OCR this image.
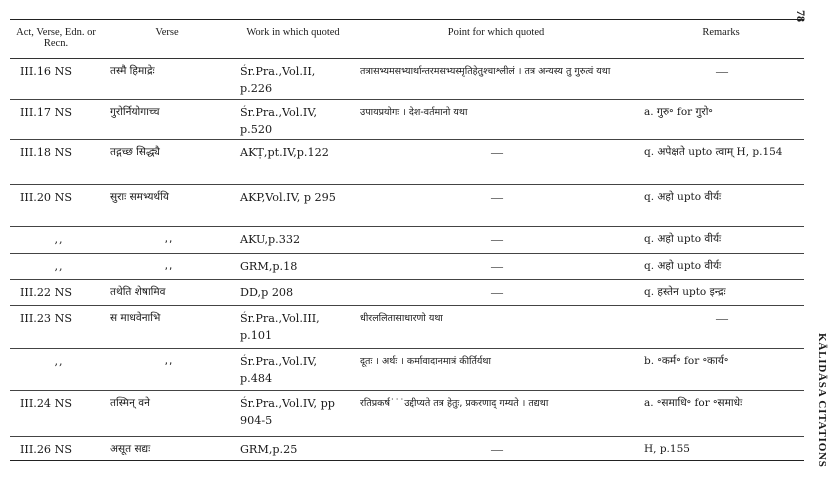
78
KĀLIDĀSA CITATIONS
Act, Verse, Edn. or Recn.	Verse	Work in which quoted	Point for which quoted	Remarks
III.16 NS	तस्मै हिमाद्रेः	Śr.Pra.,Vol.II, p.226	तत्रासभ्यमसभ्यार्थान्तरमसभ्यस्मृतिहेतुश्चाश्लीलं । तत्र अन्यस्य तु गुरुत्वं यथा	—

III.17 NS	गुरोर्नियोगाच्च	Śr.Pra.,Vol.IV, p.520	उपायप्रयोगः । देश-वर्तमानो यथा	a. गुरु॰ for गुरो॰
III.18 NS	तद्गच्छ सिद्ध्यै	AKṬ,pt.IV,p.122	—	q. अपेक्षते upto त्वाम् H, p.154
III.20 NS	सुराः समभ्यर्थयि	AKP,Vol.IV, p 295	—	q. अहो upto वीर्यः
,,	,,	AKU,p.332	—	q. अहो upto वीर्यः
,,	,,	GRM,p.18	—	q. अहो upto वीर्यः
III.22 NS	तथेति शेषामिव	DD,p 208	—	q. हस्तेन upto इन्द्रः
III.23 NS	स माधवेनाभि	Śr.Pra.,Vol.III, p.101	धीरललितासाधारणो यथा	—

,,	,,	Śr.Pra.,Vol.IV, p.484	दूतः । अर्थः । कर्मावादानमात्रं कीर्तिर्यथा	b. ॰कर्म॰ for ॰कार्य॰
III.24 NS	तस्मिन् वने	Śr.Pra.,Vol.IV, pp 904-5	रतिप्रकर्ष˙˙˙उद्दीप्यते तत्र हेतुः, प्रकरणाद् गम्यते । तद्यथा	a. ॰समाधि॰ for ॰समाधेः
III.26 NS	असूत सद्यः	GRM,p.25	—	H, p.155
